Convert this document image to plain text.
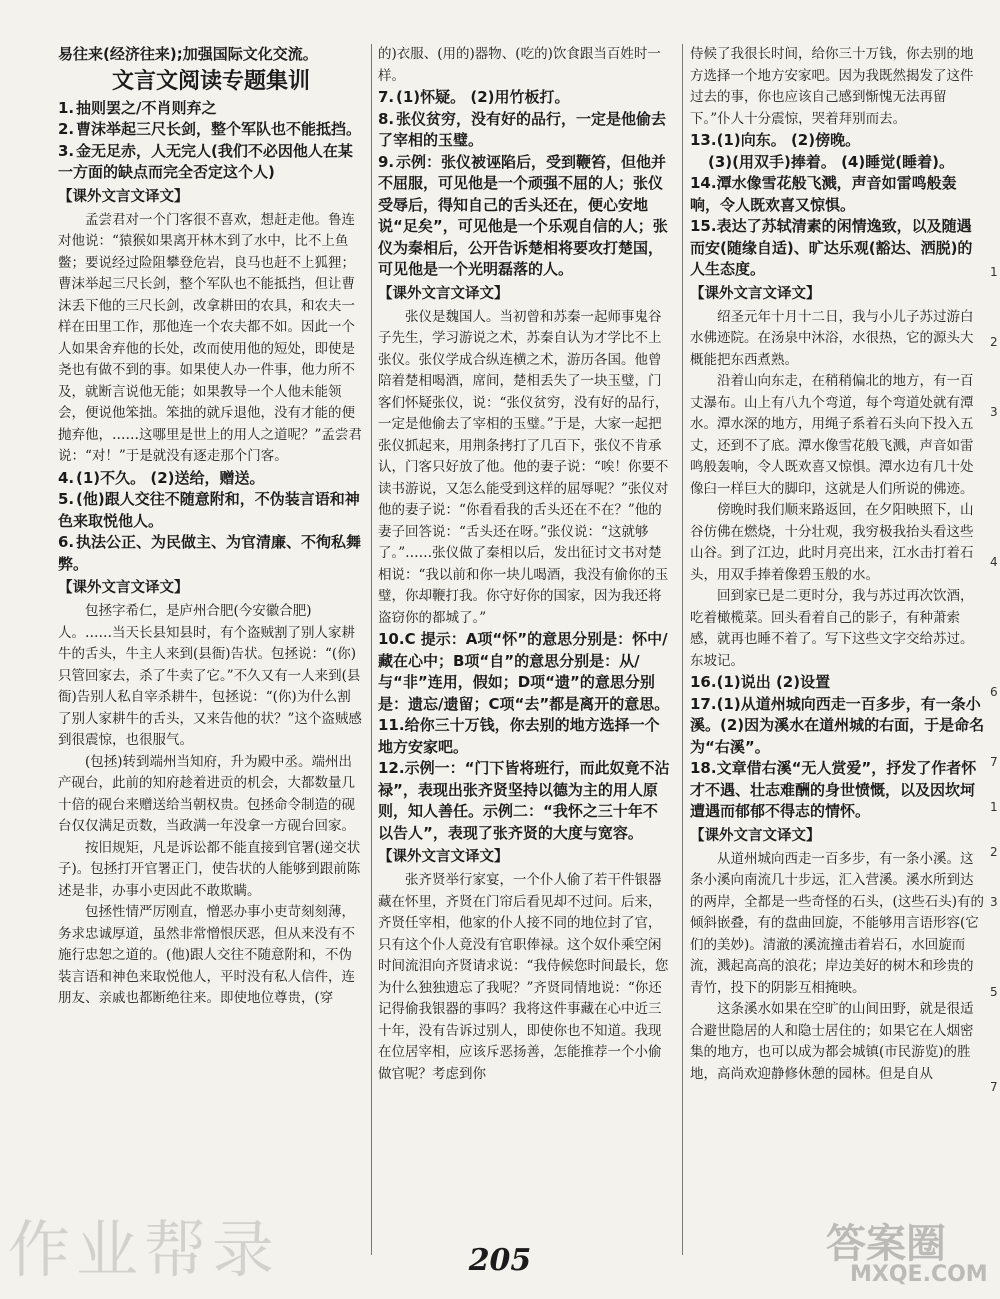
易往来(经济往来);加强国际文化交流。

文言文阅读专题集训

1. 抽则罢之/不肖则弃之

2. 曹沫举起三尺长剑，整个军队也不能抵挡。

3. 金无足赤，人无完人(我们不必因他人在某一方面的缺点而完全否定这个人)

【课外文言文译文】

孟尝君对一个门客很不喜欢，想赶走他。鲁连对他说：“猿猴如果离开林木到了水中，比不上鱼鳖；要说经过险阻攀登危岩，良马也赶不上狐狸；曹沫举起三尺长剑，整个军队也不能抵挡，但让曹沫丢下他的三尺长剑，改拿耕田的农具，和农夫一样在田里工作，那他连一个农夫都不如。因此一个人如果舍弃他的长处，改而使用他的短处，即使是尧也有做不到的事。如果使人办一件事，他力所不及，就断言说他无能；如果教导一个人他未能领会，便说他笨拙。笨拙的就斥退他，没有才能的便抛弃他，……这哪里是世上的用人之道呢？”孟尝君说：“对！”于是就没有逐走那个门客。

4. (1)不久。 (2)送给，赠送。

5. (他)跟人交往不随意附和，不伪装言语和神色来取悦他人。

6. 执法公正、为民做主、为官清廉、不徇私舞弊。

【课外文言文译文】

包拯字希仁，是庐州合肥(今安徽合肥)人。……当天长县知县时，有个盗贼割了别人家耕牛的舌头，牛主人来到(县衙)告状。包拯说：“(你)只管回家去，杀了牛卖了它。”不久又有一人来到(县衙)告别人私自宰杀耕牛，包拯说：“(你)为什么割了别人家耕牛的舌头，又来告他的状？”这个盗贼感到很震惊，也很服气。

(包拯)转到端州当知府，升为殿中丞。端州出产砚台，此前的知府趁着进贡的机会，大都数量几十倍的砚台来赠送给当朝权贵。包拯命令制造的砚台仅仅满足贡数，当政满一年没拿一方砚台回家。

按旧规矩，凡是诉讼都不能直接到官署(递交状子)。包拯打开官署正门，使告状的人能够到跟前陈述是非，办事小吏因此不敢欺瞒。

包拯性情严厉刚直，憎恶办事小吏苛刻刻薄，务求忠诚厚道，虽然非常憎恨厌恶，但从来没有不施行忠恕之道的。(他)跟人交往不随意附和，不伪装言语和神色来取悦他人，平时没有私人信件，连朋友、亲戚也都断绝往来。即使地位尊贵，(穿

的)衣服、(用的)器物、(吃的)饮食跟当百姓时一样。

7. (1)怀疑。 (2)用竹板打。

8. 张仪贫穷，没有好的品行，一定是他偷去了宰相的玉璧。

9. 示例：张仪被诬陷后，受到鞭笞，但他并不屈服，可见他是一个顽强不屈的人；张仪受辱后，得知自己的舌头还在，便心安地说“足矣”，可见他是一个乐观自信的人；张仪为秦相后，公开告诉楚相将要攻打楚国，可见他是一个光明磊落的人。

【课外文言文译文】

张仪是魏国人。当初曾和苏秦一起师事鬼谷子先生，学习游说之术，苏秦自认为才学比不上张仪。张仪学成合纵连横之术，游历各国。他曾陪着楚相喝酒，席间，楚相丢失了一块玉璧，门客们怀疑张仪，说：“张仪贫穷，没有好的品行，一定是他偷去了宰相的玉璧。”于是，大家一起把张仪抓起来，用荆条拷打了几百下，张仪不肯承认，门客只好放了他。他的妻子说：“唉！你要不读书游说，又怎么能受到这样的屈辱呢？”张仪对他的妻子说：“你看看我的舌头还在不在？”他的妻子回答说：“舌头还在呀。”张仪说：“这就够了。”……张仪做了秦相以后，发出征讨文书对楚相说：“我以前和你一块儿喝酒，我没有偷你的玉璧，你却鞭打我。你守好你的国家，因为我还将盗窃你的都城了。”

10.C 提示：A项“怀”的意思分别是：怀中/藏在心中；B项“自”的意思分别是：从/与“非”连用，假如；D项“遗”的意思分别是：遗忘/遗留；C项“去”都是离开的意思。

11.给你三十万钱，你去别的地方选择一个地方安家吧。

12.示例一：“门下皆将班行，而此奴竟不沾禄”，表现出张齐贤坚持以德为主的用人原则，知人善任。示例二：“我怀之三十年不以告人”，表现了张齐贤的大度与宽容。

【课外文言文译文】

张齐贤举行家宴，一个仆人偷了若干件银器藏在怀里，齐贤在门帘后看见却不过问。后来，齐贤任宰相，他家的仆人接不同的地位封了官，只有这个仆人竟没有官职俸禄。这个奴仆乘空闲时间流泪向齐贤请求说：“我侍候您时间最长，您为什么独独遗忘了我呢？”齐贤同情地说：“你还记得偷我银器的事吗？我将这件事藏在心中近三十年，没有告诉过别人，即使你也不知道。我现在位居宰相，应该斥恶扬善，怎能推荐一个小偷做官呢？考虑到你

侍候了我很长时间，给你三十万钱，你去别的地方选择一个地方安家吧。因为我既然揭发了这件过去的事，你也应该自己感到惭愧无法再留下。”仆人十分震惊，哭着拜别而去。

13.(1)向东。 (2)傍晚。

(3)(用双手)捧着。 (4)睡觉(睡着)。

14.潭水像雪花般飞溅，声音如雷鸣般轰响，令人既欢喜又惊惧。

15.表达了苏轼清素的闲情逸致，以及随遇而安(随缘自适)、旷达乐观(豁达、洒脱)的人生态度。

【课外文言文译文】

绍圣元年十月十二日，我与小儿子苏过游白水佛迹院。在汤泉中沐浴，水很热，它的源头大概能把东西煮熟。

沿着山向东走，在稍稍偏北的地方，有一百丈瀑布。山上有八九个弯道，每个弯道处就有潭水。潭水深的地方，用绳子系着石头向下投入五丈，还到不了底。潭水像雪花般飞溅，声音如雷鸣般轰响，令人既欢喜又惊惧。潭水边有几十处像臼一样巨大的脚印，这就是人们所说的佛迹。

傍晚时我们顺来路返回，在夕阳映照下，山谷仿佛在燃烧，十分壮观，我穷极我抬头看这些山谷。到了江边，此时月亮出来，江水击打着石头，用双手捧着像碧玉般的水。

回到家已是二更时分，我与苏过再次饮酒，吃着橄榄菜。回头看着自己的影子，有种萧索感，就再也睡不着了。写下这些文字交给苏过。东坡记。

16.(1)说出 (2)设置

17.(1)从道州城向西走一百多步，有一条小溪。(2)因为溪水在道州城的右面，于是命名为“右溪”。

18.文章借右溪“无人赏爱”，抒发了作者怀才不遇、壮志难酬的身世愤慨，以及因坎坷遭遇而郁郁不得志的情怀。

【课外文言文译文】

从道州城向西走一百多步，有一条小溪。这条小溪向南流几十步远，汇入营溪。溪水所到达的两岸，全都是一些奇怪的石头，(这些石头)有的倾斜嵌叠，有的盘曲回旋，不能够用言语形容(它们的美妙)。清澈的溪流撞击着岩石，水回旋而流，溅起高高的浪花；岸边美好的树木和珍贵的青竹，投下的阴影互相掩映。

这条溪水如果在空旷的山间田野，就是很适合避世隐居的人和隐士居住的；如果它在人烟密集的地方，也可以成为都会城镇(市民游览)的胜地，高尚欢迎静修休憩的园林。但是自从

205
作业帮录	答案圈
MXQE.COM
1
2
3
4
6
7
1
2
3
5
7
